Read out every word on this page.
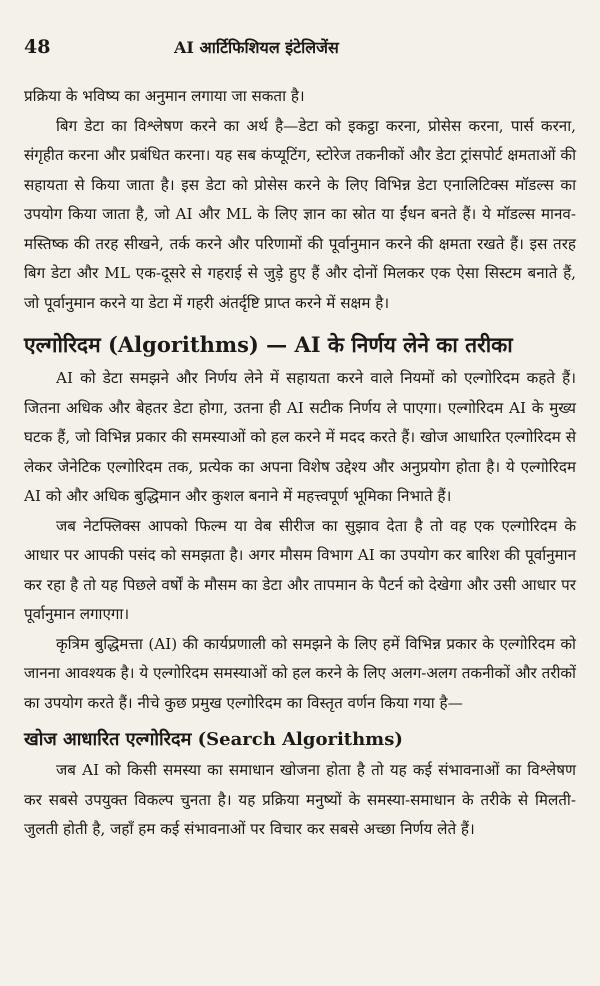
48	AI आर्टिफिशियल इंटेलिजेंस

प्रक्रिया के भविष्य का अनुमान लगाया जा सकता है।

बिग डेटा का विश्लेषण करने का अर्थ है—डेटा को इकट्ठा करना, प्रोसेस करना, पार्स करना, संगृहीत करना और प्रबंधित करना। यह सब कंप्यूटिंग, स्टोरेज तकनीकों और डेटा ट्रांसपोर्ट क्षमताओं की सहायता से किया जाता है। इस डेटा को प्रोसेस करने के लिए विभिन्न डेटा एनालिटिक्स मॉडल्स का उपयोग किया जाता है, जो AI और ML के लिए ज्ञान का स्रोत या ईंधन बनते हैं। ये मॉडल्स मानव-मस्तिष्क की तरह सीखने, तर्क करने और परिणामों की पूर्वानुमान करने की क्षमता रखते हैं। इस तरह बिग डेटा और ML एक-दूसरे से गहराई से जुड़े हुए हैं और दोनों मिलकर एक ऐसा सिस्टम बनाते हैं, जो पूर्वानुमान करने या डेटा में गहरी अंतर्दृष्टि प्राप्त करने में सक्षम है।

एल्गोरिदम (Algorithms) — AI के निर्णय लेने का तरीका

AI को डेटा समझने और निर्णय लेने में सहायता करने वाले नियमों को एल्गोरिदम कहते हैं। जितना अधिक और बेहतर डेटा होगा, उतना ही AI सटीक निर्णय ले पाएगा। एल्गोरिदम AI के मुख्य घटक हैं, जो विभिन्न प्रकार की समस्याओं को हल करने में मदद करते हैं। खोज आधारित एल्गोरिदम से लेकर जेनेटिक एल्गोरिदम तक, प्रत्येक का अपना विशेष उद्देश्य और अनुप्रयोग होता है। ये एल्गोरिदम AI को और अधिक बुद्धिमान और कुशल बनाने में महत्त्वपूर्ण भूमिका निभाते हैं।

जब नेटफ्लिक्स आपको फिल्म या वेब सीरीज का सुझाव देता है तो वह एक एल्गोरिदम के आधार पर आपकी पसंद को समझता है। अगर मौसम विभाग AI का उपयोग कर बारिश की पूर्वानुमान कर रहा है तो यह पिछले वर्षों के मौसम का डेटा और तापमान के पैटर्न को देखेगा और उसी आधार पर पूर्वानुमान लगाएगा।

कृत्रिम बुद्धिमत्ता (AI) की कार्यप्रणाली को समझने के लिए हमें विभिन्न प्रकार के एल्गोरिदम को जानना आवश्यक है। ये एल्गोरिदम समस्याओं को हल करने के लिए अलग-अलग तकनीकों और तरीकों का उपयोग करते हैं। नीचे कुछ प्रमुख एल्गोरिदम का विस्तृत वर्णन किया गया है—

खोज आधारित एल्गोरिदम (Search Algorithms)

जब AI को किसी समस्या का समाधान खोजना होता है तो यह कई संभावनाओं का विश्लेषण कर सबसे उपयुक्त विकल्प चुनता है। यह प्रक्रिया मनुष्यों के समस्या-समाधान के तरीके से मिलती-जुलती होती है, जहाँ हम कई संभावनाओं पर विचार कर सबसे अच्छा निर्णय लेते हैं।
